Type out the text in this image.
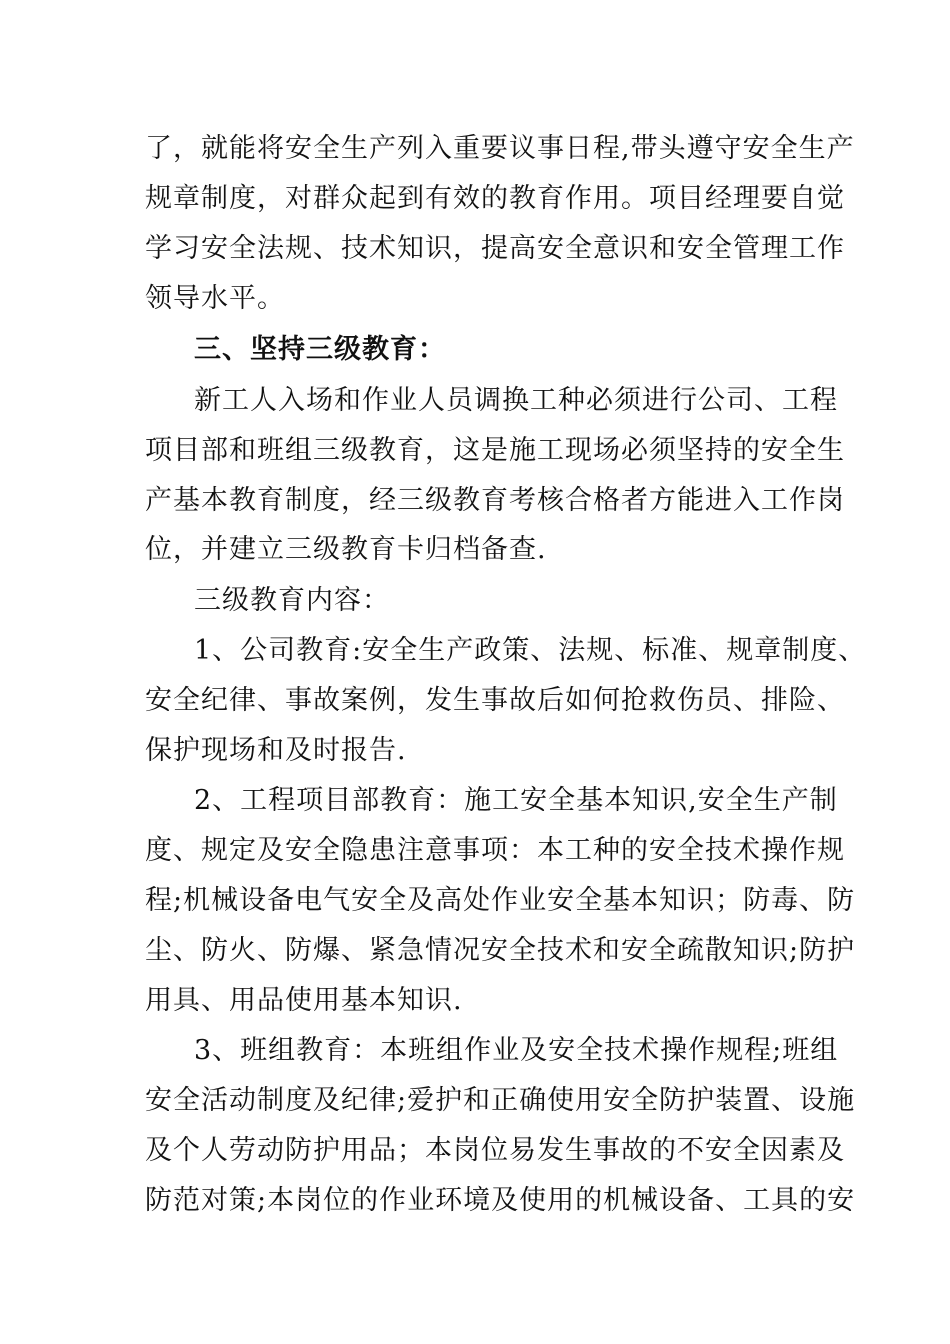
了，就能将安全生产列入重要议事日程,带头遵守安全生产
规章制度，对群众起到有效的教育作用。项目经理要自觉
学习安全法规、技术知识，提高安全意识和安全管理工作
领导水平。
三、坚持三级教育：
新工人入场和作业人员调换工种必须进行公司、工程
项目部和班组三级教育，这是施工现场必须坚持的安全生
产基本教育制度，经三级教育考核合格者方能进入工作岗
位，并建立三级教育卡归档备查.
三级教育内容：
1、公司教育:安全生产政策、法规、标准、规章制度、
安全纪律、事故案例，发生事故后如何抢救伤员、排险、
保护现场和及时报告.
2、工程项目部教育：施工安全基本知识,安全生产制
度、规定及安全隐患注意事项：本工种的安全技术操作规
程;机械设备电气安全及高处作业安全基本知识；防毒、防
尘、防火、防爆、紧急情况安全技术和安全疏散知识;防护
用具、用品使用基本知识.
3、班组教育：本班组作业及安全技术操作规程;班组
安全活动制度及纪律;爱护和正确使用安全防护装置、设施
及个人劳动防护用品；本岗位易发生事故的不安全因素及
防范对策;本岗位的作业环境及使用的机械设备、工具的安
